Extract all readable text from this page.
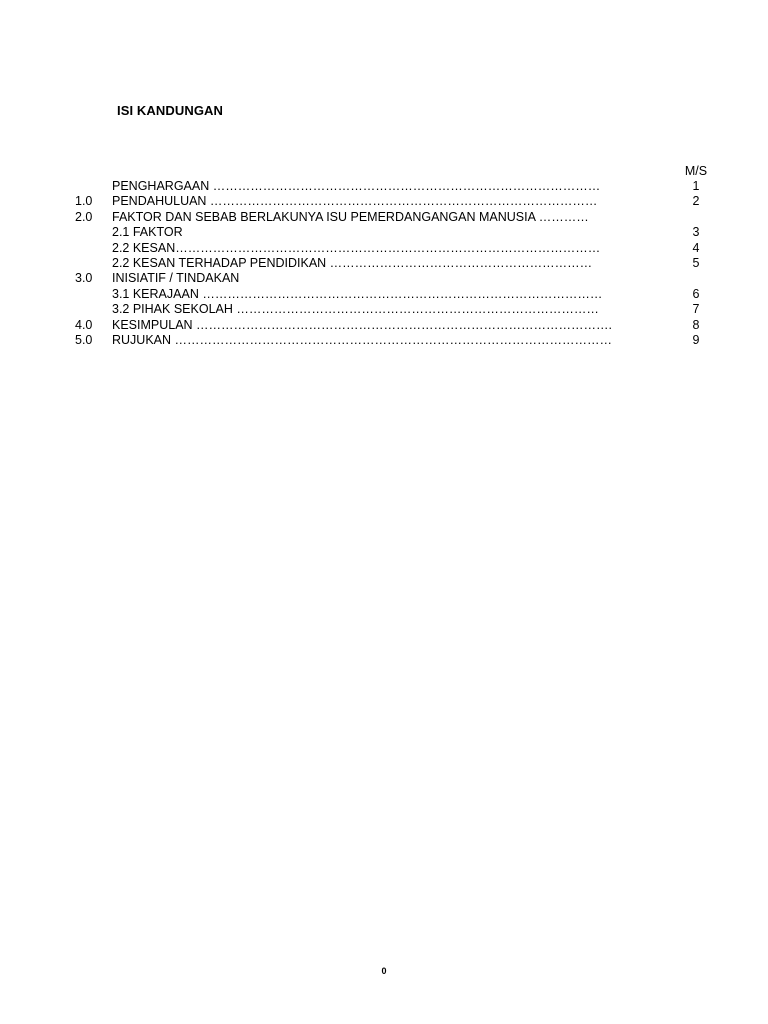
ISI KANDUNGAN
M/S
PENGHARGAAN …………………………………………………………………………………	1
1.0 PENDAHULUAN …………………………………………………………………………………	2
2.0 FAKTOR DAN SEBAB BERLAKUNYA ISU PEMERDANGANGAN MANUSIA …………
2.1 FAKTOR	3
2.2 KESAN…………………………………………………………………………………………	4
2.2 KESAN TERHADAP PENDIDIKAN ………………………………………………………	5
3.0 INISIATIF / TINDAKAN
3.1 KERAJAAN ……………………………………………………………………………………	6
3.2 PIHAK SEKOLAH ……………………………………………………………………………	7
4.0 KESIMPULAN ……………………………………………………………………………………….	8
5.0 RUJUKAN ……………………………………………………………………………………………	9
0
